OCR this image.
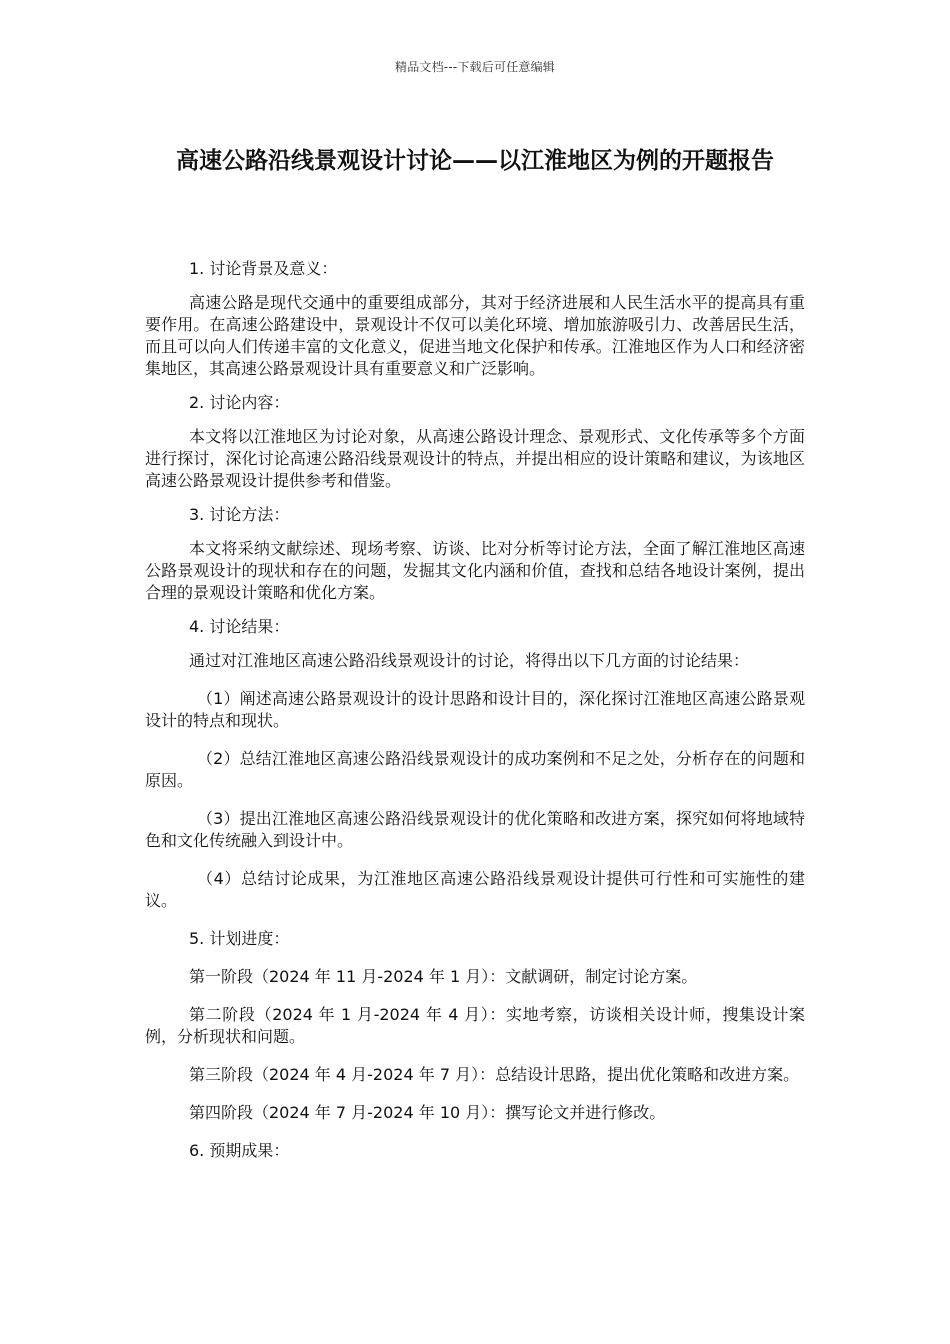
精品文档---下载后可任意编辑
高速公路沿线景观设计讨论——以江淮地区为例的开题报告

1. 讨论背景及意义：

高速公路是现代交通中的重要组成部分，其对于经济进展和人民生活水平的提高具有重要作用。在高速公路建设中，景观设计不仅可以美化环境、增加旅游吸引力、改善居民生活，而且可以向人们传递丰富的文化意义，促进当地文化保护和传承。江淮地区作为人口和经济密集地区，其高速公路景观设计具有重要意义和广泛影响。

2. 讨论内容：

本文将以江淮地区为讨论对象，从高速公路设计理念、景观形式、文化传承等多个方面进行探讨，深化讨论高速公路沿线景观设计的特点，并提出相应的设计策略和建议，为该地区高速公路景观设计提供参考和借鉴。

3. 讨论方法：

本文将采纳文献综述、现场考察、访谈、比对分析等讨论方法，全面了解江淮地区高速公路景观设计的现状和存在的问题，发掘其文化内涵和价值，查找和总结各地设计案例，提出合理的景观设计策略和优化方案。

4. 讨论结果：

通过对江淮地区高速公路沿线景观设计的讨论，将得出以下几方面的讨论结果：

（1）阐述高速公路景观设计的设计思路和设计目的，深化探讨江淮地区高速公路景观设计的特点和现状。

（2）总结江淮地区高速公路沿线景观设计的成功案例和不足之处，分析存在的问题和原因。

（3）提出江淮地区高速公路沿线景观设计的优化策略和改进方案，探究如何将地域特色和文化传统融入到设计中。

（4）总结讨论成果，为江淮地区高速公路沿线景观设计提供可行性和可实施性的建议。

5. 计划进度：

第一阶段（2024 年 11 月-2024 年 1 月）：文献调研，制定讨论方案。

第二阶段（2024 年 1 月-2024 年 4 月）：实地考察，访谈相关设计师，搜集设计案例，分析现状和问题。

第三阶段（2024 年 4 月-2024 年 7 月）：总结设计思路，提出优化策略和改进方案。

第四阶段（2024 年 7 月-2024 年 10 月）：撰写论文并进行修改。

6. 预期成果：
